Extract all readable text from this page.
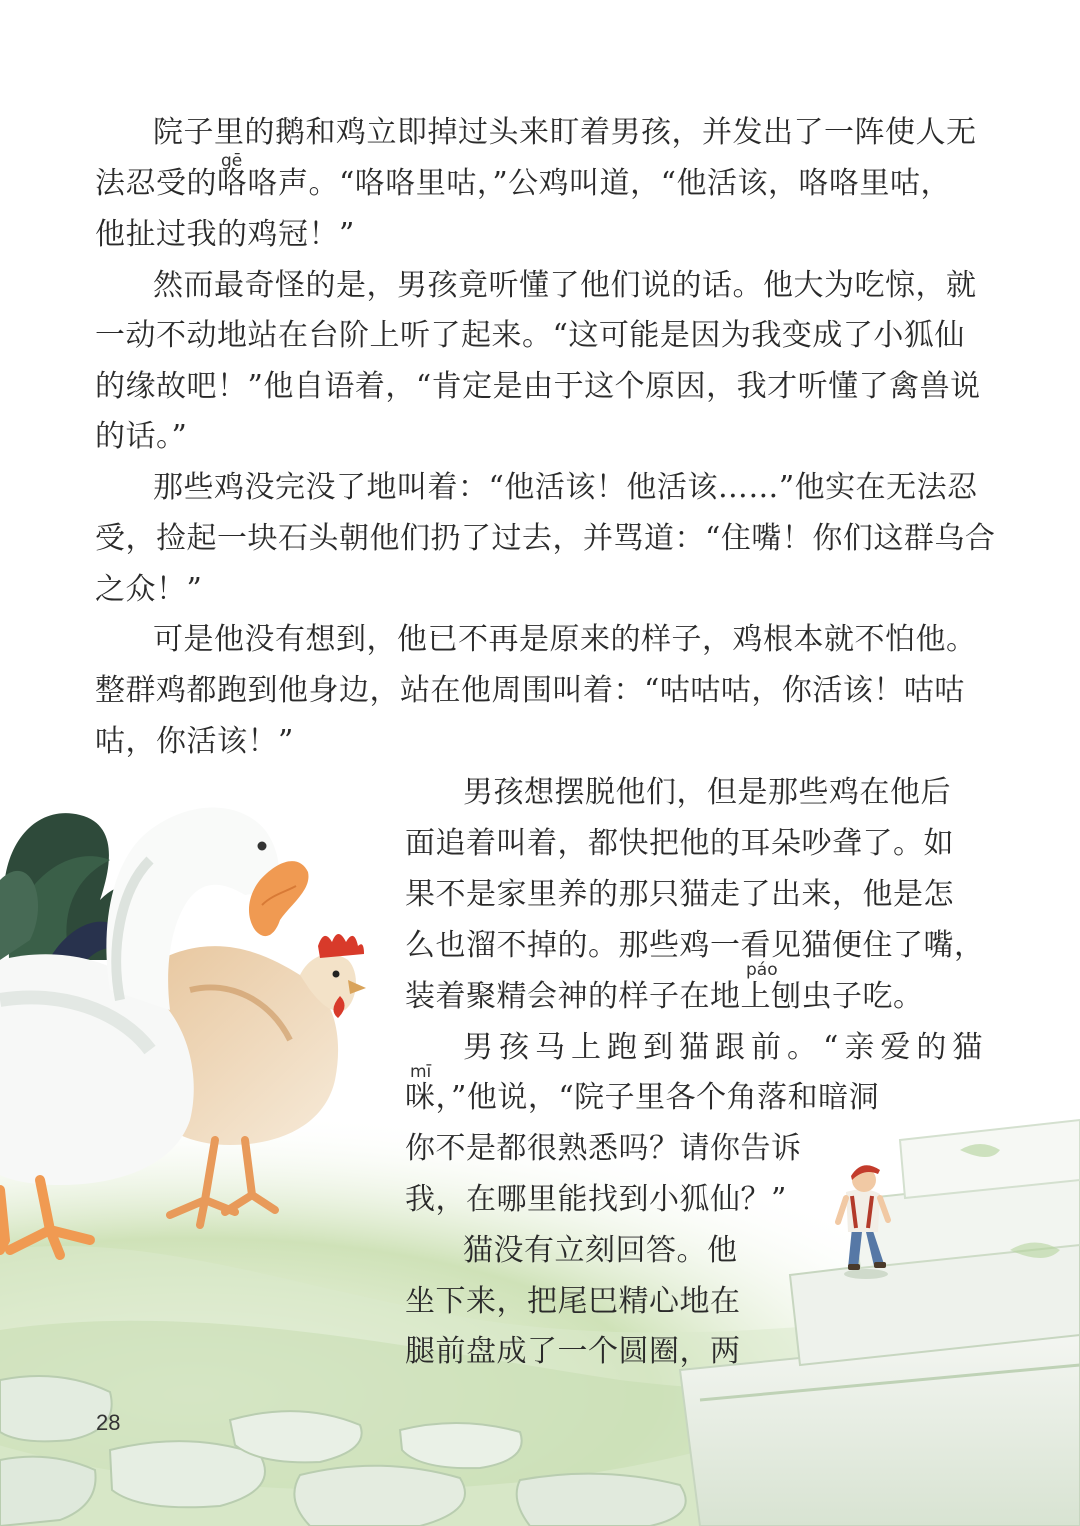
gē
páo
mī
院子里的鹅和鸡立即掉过头来盯着男孩，并发出了一阵使人无
法忍受的咯咯声。“咯咯里咕，”公鸡叫道，“他活该，咯咯里咕，
他扯过我的鸡冠！”
然而最奇怪的是，男孩竟听懂了他们说的话。他大为吃惊，就
一动不动地站在台阶上听了起来。“这可能是因为我变成了小狐仙
的缘故吧！”他自语着，“肯定是由于这个原因，我才听懂了禽兽说
的话。”
那些鸡没完没了地叫着：“他活该！他活该……”他实在无法忍
受，捡起一块石头朝他们扔了过去，并骂道：“住嘴！你们这群乌合
之众！”
可是他没有想到，他已不再是原来的样子，鸡根本就不怕他。
整群鸡都跑到他身边，站在他周围叫着：“咕咕咕，你活该！咕咕
咕，你活该！”
男孩想摆脱他们，但是那些鸡在他后
面追着叫着，都快把他的耳朵吵聋了。如
果不是家里养的那只猫走了出来，他是怎
么也溜不掉的。那些鸡一看见猫便住了嘴，
装着聚精会神的样子在地上刨虫子吃。
男孩马上跑到猫跟前。“亲爱的猫
咪，”他说，“院子里各个角落和暗洞
你不是都很熟悉吗？请你告诉
我，在哪里能找到小狐仙？”
猫没有立刻回答。他
坐下来，把尾巴精心地在
腿前盘成了一个圆圈，两
28
